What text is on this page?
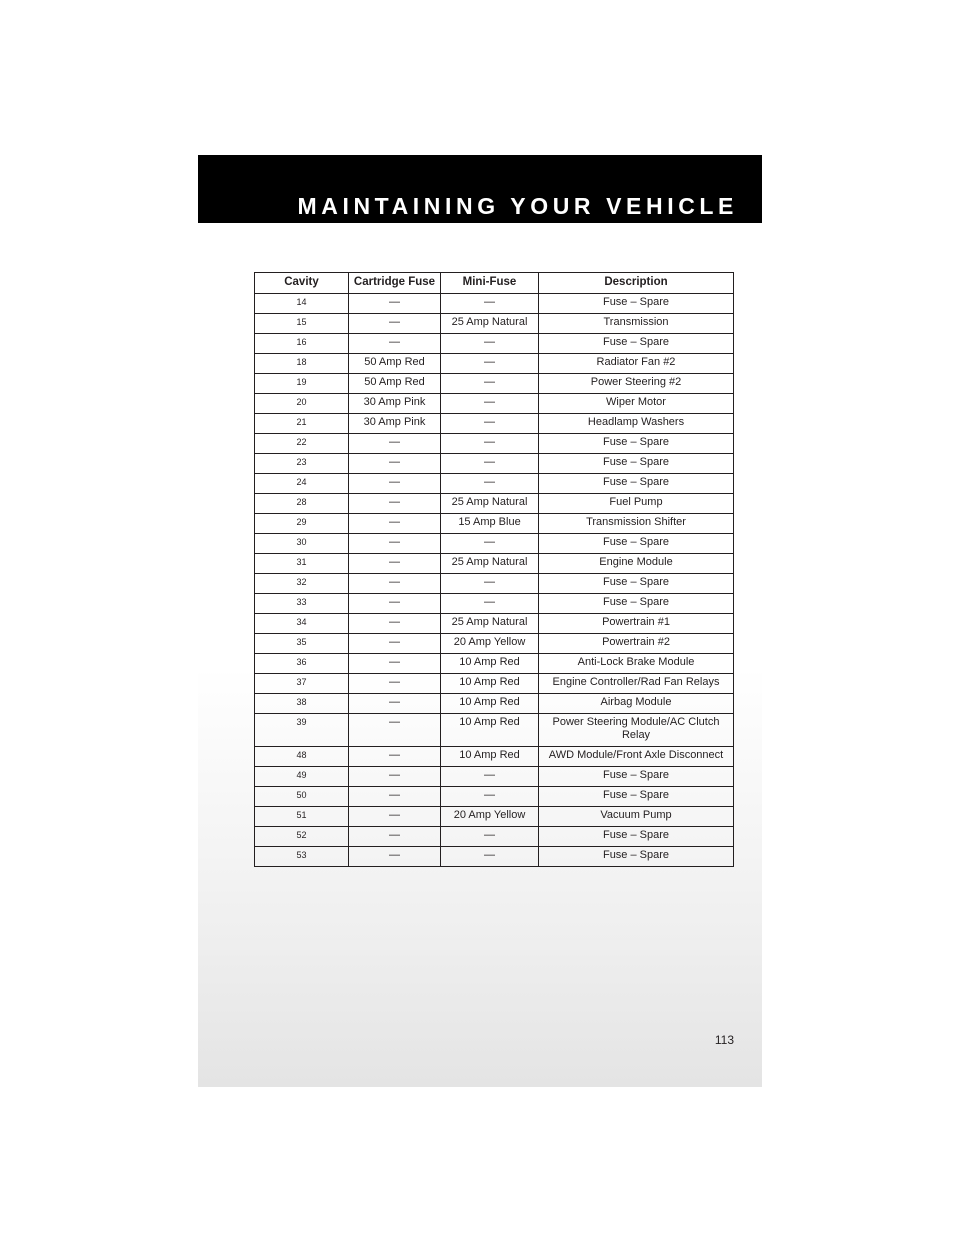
MAINTAINING YOUR VEHICLE
Cavity	Cartridge Fuse	Mini-Fuse	Description
14	—	—	Fuse – Spare
15	—	25 Amp Natural	Transmission
16	—	—	Fuse – Spare
18	50 Amp Red	—	Radiator Fan #2
19	50 Amp Red	—	Power Steering #2
20	30 Amp Pink	—	Wiper Motor
21	30 Amp Pink	—	Headlamp Washers
22	—	—	Fuse – Spare
23	—	—	Fuse – Spare
24	—	—	Fuse – Spare
28	—	25 Amp Natural	Fuel Pump
29	—	15 Amp Blue	Transmission Shifter
30	—	—	Fuse – Spare
31	—	25 Amp Natural	Engine Module
32	—	—	Fuse – Spare
33	—	—	Fuse – Spare
34	—	25 Amp Natural	Powertrain #1
35	—	20 Amp Yellow	Powertrain #2
36	—	10 Amp Red	Anti-Lock Brake Module
37	—	10 Amp Red	Engine Controller/Rad Fan Relays
38	—	10 Amp Red	Airbag Module
39	—	10 Amp Red	Power Steering Module/AC Clutch Relay
48	—	10 Amp Red	AWD Module/Front Axle Disconnect
49	—	—	Fuse – Spare
50	—	—	Fuse – Spare
51	—	20 Amp Yellow	Vacuum Pump
52	—	—	Fuse – Spare
53	—	—	Fuse – Spare
113
